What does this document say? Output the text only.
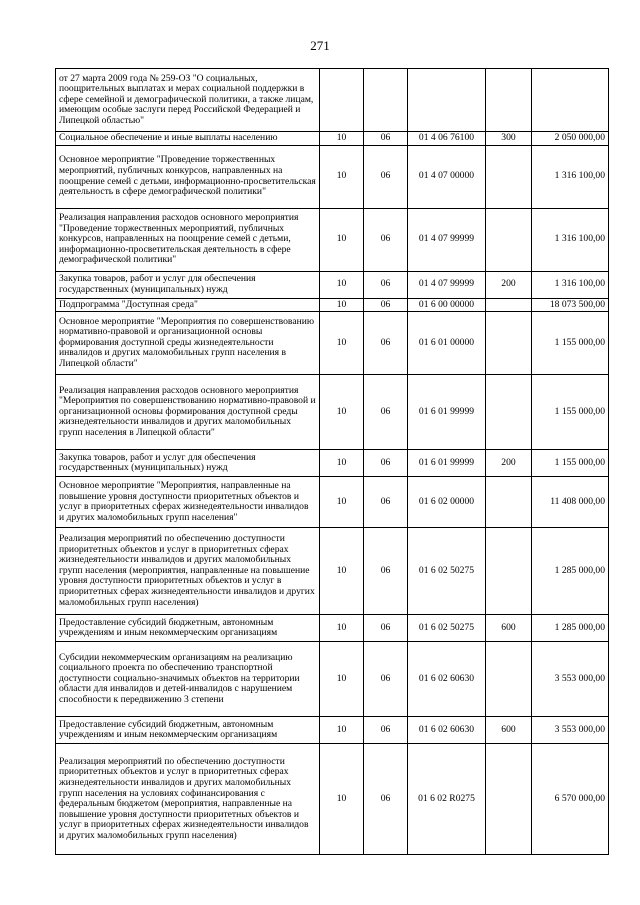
271
от 27 марта 2009 года № 259-ОЗ "О социальных, поощрительных выплатах и мерах социальной поддержки в сфере семейной и демографической политики, а также лицам, имеющим особые заслуги перед Российской Федерацией и Липецкой областью"					
Социальное обеспечение и иные выплаты населению	10	06	01 4 06 76100	300	2 050 000,00
Основное мероприятие "Проведение торжественных мероприятий, публичных конкурсов, направленных на поощрение семей с детьми, информационно-просветительская деятельность в сфере демографической политики"	10	06	01 4 07 00000		1 316 100,00
Реализация направления расходов основного мероприятия "Проведение торжественных мероприятий, публичных конкурсов, направленных на поощрение семей с детьми, информационно-просветительская деятельность в сфере демографической политики"	10	06	01 4 07 99999		1 316 100,00
Закупка товаров, работ и услуг для обеспечения государственных (муниципальных) нужд	10	06	01 4 07 99999	200	1 316 100,00
Подпрограмма "Доступная среда"	10	06	01 6 00 00000		18 073 500,00
Основное мероприятие "Мероприятия по совершенствованию нормативно-правовой и организационной основы формирования доступной среды жизнедеятельности инвалидов и других маломобильных групп населения в Липецкой области"	10	06	01 6 01 00000		1 155 000,00
Реализация направления расходов основного мероприятия "Мероприятия по совершенствованию нормативно-правовой и организационной основы формирования доступной среды жизнедеятельности инвалидов и других маломобильных групп населения в Липецкой области"	10	06	01 6 01 99999		1 155 000,00
Закупка товаров, работ и услуг для обеспечения государственных (муниципальных) нужд	10	06	01 6 01 99999	200	1 155 000,00
Основное мероприятие "Мероприятия, направленные на повышение уровня доступности приоритетных объектов и услуг в приоритетных сферах жизнедеятельности инвалидов и других маломобильных групп населения"	10	06	01 6 02 00000		11 408 000,00
Реализация мероприятий по обеспечению доступности приоритетных объектов и услуг в приоритетных сферах жизнедеятельности инвалидов и других маломобильных групп населения (мероприятия, направленные на повышение уровня доступности приоритетных объектов и услуг в приоритетных сферах жизнедеятельности инвалидов и других маломобильных групп населения)	10	06	01 6 02 50275		1 285 000,00
Предоставление субсидий бюджетным, автономным учреждениям и иным некоммерческим организациям	10	06	01 6 02 50275	600	1 285 000,00
Субсидии некоммерческим организациям на реализацию социального проекта по обеспечению транспортной доступности социально-значимых объектов на территории области для инвалидов и детей-инвалидов с нарушением способности к передвижению 3 степени	10	06	01 6 02 60630		3 553 000,00
Предоставление субсидий бюджетным, автономным учреждениям и иным некоммерческим организациям	10	06	01 6 02 60630	600	3 553 000,00
Реализация мероприятий по обеспечению доступности приоритетных объектов и услуг в приоритетных сферах жизнедеятельности инвалидов и других маломобильных групп населения на условиях софинансирования с федеральным бюджетом (мероприятия, направленные на повышение уровня доступности приоритетных объектов и услуг в приоритетных сферах жизнедеятельности инвалидов и других маломобильных групп населения)	10	06	01 6 02 R0275		6 570 000,00
